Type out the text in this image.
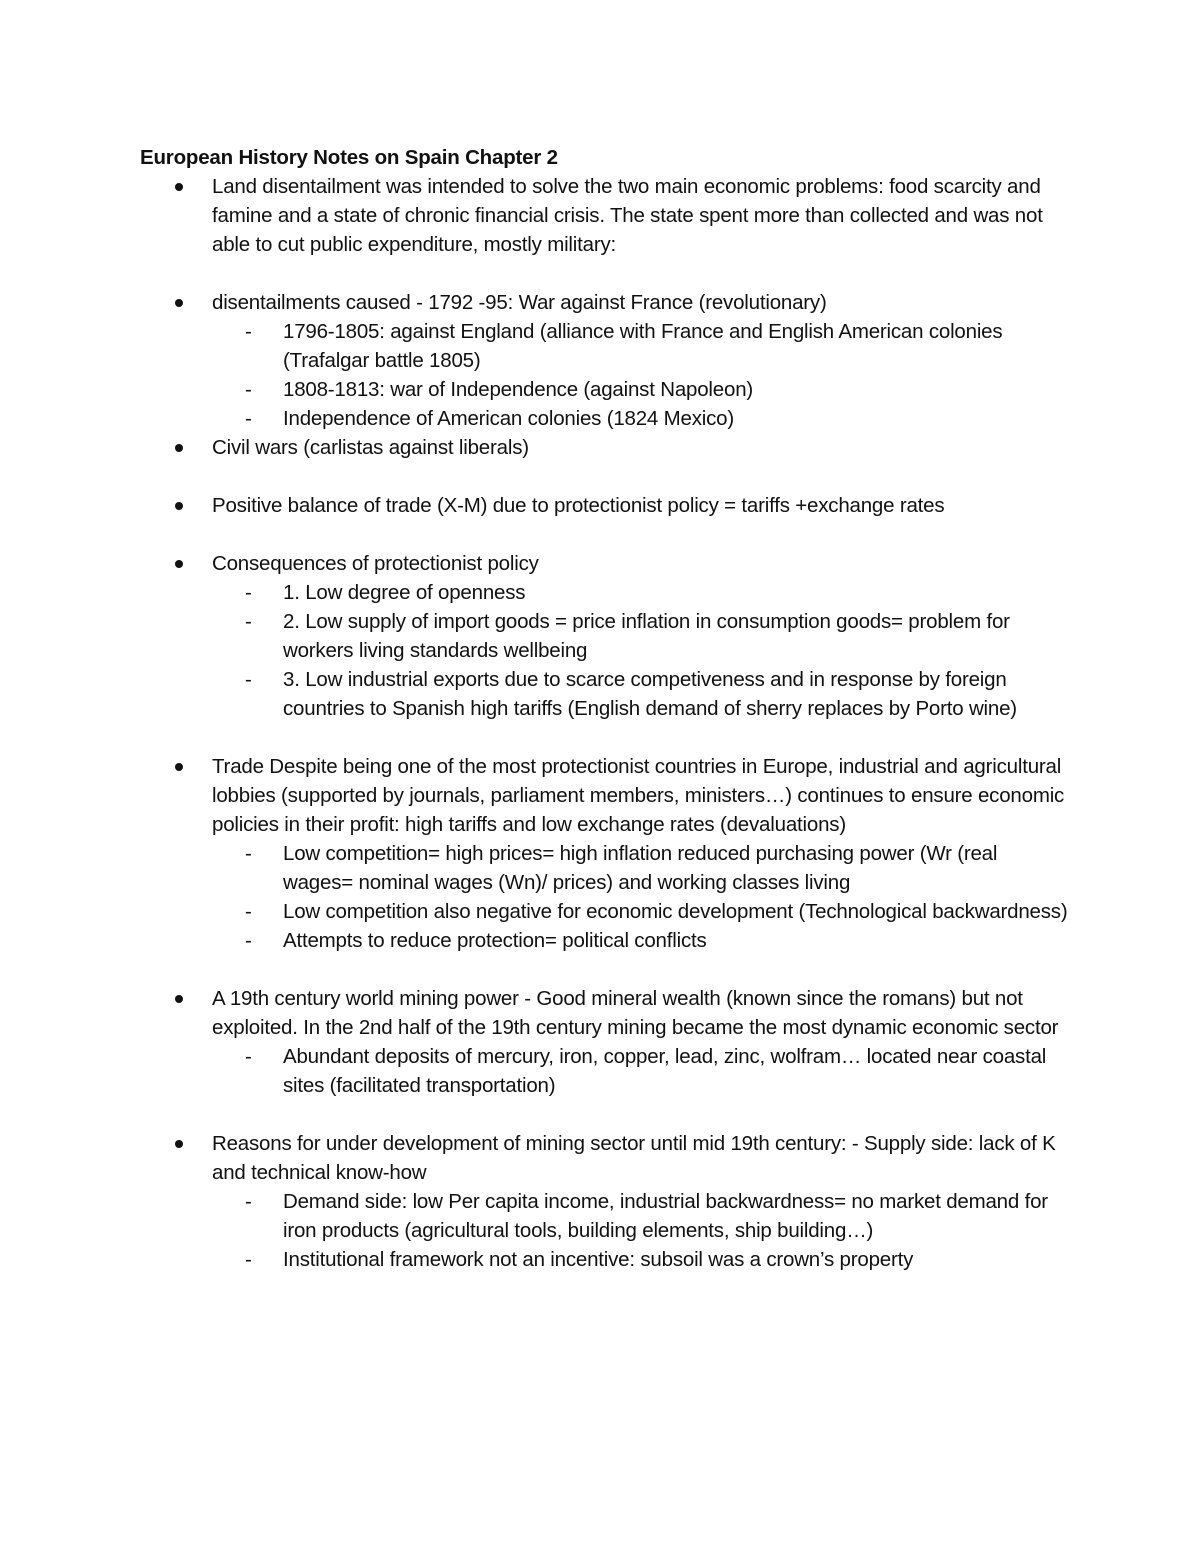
European History Notes on Spain Chapter 2
Land disentailment was intended to solve the two main economic problems: food scarcity and famine and a state of chronic financial crisis. The state spent more than collected and was not able to cut public expenditure, mostly military:
disentailments caused - 1792 -95: War against France (revolutionary)
- 1796-1805: against England (alliance with France and English American colonies (Trafalgar battle 1805)
- 1808-1813: war of Independence (against Napoleon)
- Independence of American colonies (1824 Mexico)
Civil wars (carlistas against liberals)
Positive balance of trade (X-M) due to protectionist policy = tariffs +exchange rates
Consequences of protectionist policy
- 1. Low degree of openness
- 2. Low supply of import goods = price inflation in consumption goods= problem for workers living standards wellbeing
- 3. Low industrial exports due to scarce competiveness and in response by foreign countries to Spanish high tariffs (English demand of sherry replaces by Porto wine)
Trade Despite being one of the most protectionist countries in Europe, industrial and agricultural lobbies (supported by journals, parliament members, ministers…) continues to ensure economic policies in their profit: high tariffs and low exchange rates (devaluations)
- Low competition= high prices= high inflation reduced purchasing power (Wr (real wages= nominal wages (Wn)/ prices) and working classes living
- Low competition also negative for economic development (Technological backwardness)
- Attempts to reduce protection= political conflicts
A 19th century world mining power - Good mineral wealth (known since the romans) but not exploited. In the 2nd half of the 19th century mining became the most dynamic economic sector
- Abundant deposits of mercury, iron, copper, lead, zinc, wolfram… located near coastal sites (facilitated transportation)
Reasons for under development of mining sector until mid 19th century: - Supply side: lack of K and technical know-how
- Demand side: low Per capita income, industrial backwardness= no market demand for iron products (agricultural tools, building elements, ship building…)
- Institutional framework not an incentive: subsoil was a crown’s property
